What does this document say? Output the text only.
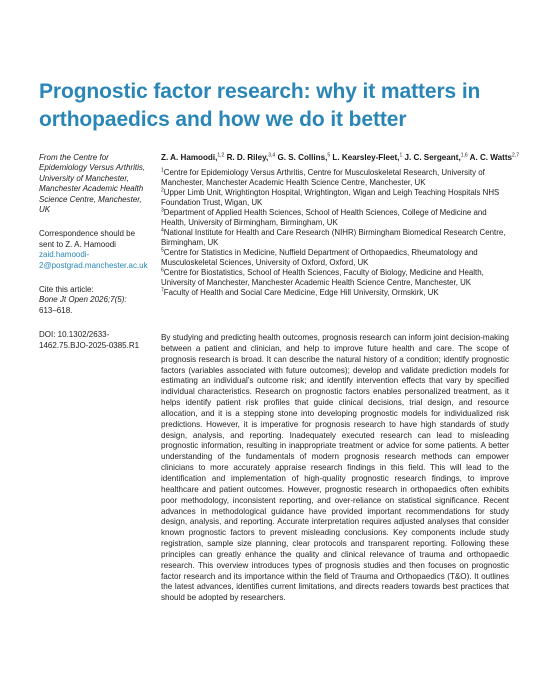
Prognostic factor research: why it matters in orthopaedics and how we do it better
From the Centre for Epidemiology Versus Arthritis, University of Manchester, Manchester Academic Health Science Centre, Manchester, UK
Correspondence should be sent to Z. A. Hamoodi zaid.hamoodi-2@postgrad.manchester.ac.uk
Cite this article:
Bone Jt Open 2026;7(5):
613–618.
DOI: 10.1302/2633-1462.75.BJO-2025-0385.R1
Z. A. Hamoodi,$^{1,2}$ R. D. Riley,$^{3,4}$ G. S. Collins,$^5$ L. Kearsley-Fleet,$^1$ J. C. Sergeant,$^{1,6}$ A. C. Watts$^{2,7}$
$^1$Centre for Epidemiology Versus Arthritis, Centre for Musculoskeletal Research, University of Manchester, Manchester Academic Health Science Centre, Manchester, UK
$^2$Upper Limb Unit, Wrightington Hospital, Wrightington, Wigan and Leigh Teaching Hospitals NHS Foundation Trust, Wigan, UK
$^3$Department of Applied Health Sciences, School of Health Sciences, College of Medicine and Health, University of Birmingham, Birmingham, UK
$^4$National Institute for Health and Care Research (NIHR) Birmingham Biomedical Research Centre, Birmingham, UK
$^5$Centre for Statistics in Medicine, Nuffield Department of Orthopaedics, Rheumatology and Musculoskeletal Sciences, University of Oxford, Oxford, UK
$^6$Centre for Biostatistics, School of Health Sciences, Faculty of Biology, Medicine and Health, University of Manchester, Manchester Academic Health Science Centre, Manchester, UK
$^7$Faculty of Health and Social Care Medicine, Edge Hill University, Ormskirk, UK

By studying and predicting health outcomes, prognosis research can inform joint decision-making between a patient and clinician, and help to improve future health and care. The scope of prognosis research is broad. It can describe the natural history of a condition; identify prognostic factors (variables associated with future outcomes); develop and validate prediction models for estimating an individual’s outcome risk; and identify intervention effects that vary by specified individual characteristics. Research on prognostic factors enables personalized treatment, as it helps identify patient risk profiles that guide clinical decisions, trial design, and resource allocation, and it is a stepping stone into developing prognostic models for individualized risk predictions. However, it is imperative for prognosis research to have high standards of study design, analysis, and reporting. Inadequately executed research can lead to misleading prognostic information, resulting in inappropriate treatment or advice for some patients. A better understanding of the fundamentals of modern prognosis research methods can empower clinicians to more accurately appraise research findings in this field. This will lead to the identification and implementation of high-quality prognostic research findings, to improve healthcare and patient outcomes. However, prognostic research in orthopaedics often exhibits poor methodology, inconsistent reporting, and over-reliance on statistical significance. Recent advances in methodological guidance have provided important recommendations for study design, analysis, and reporting. Accurate interpretation requires adjusted analyses that consider known prognostic factors to prevent misleading conclusions. Key components include study registration, sample size planning, clear protocols and transparent reporting. Following these principles can greatly enhance the quality and clinical relevance of trauma and orthopaedic research. This overview introduces types of prognosis studies and then focuses on prognostic factor research and its importance within the field of Trauma and Orthopaedics (T&O). It outlines the latest advances, identifies current limitations, and directs readers towards best practices that should be adopted by researchers.
